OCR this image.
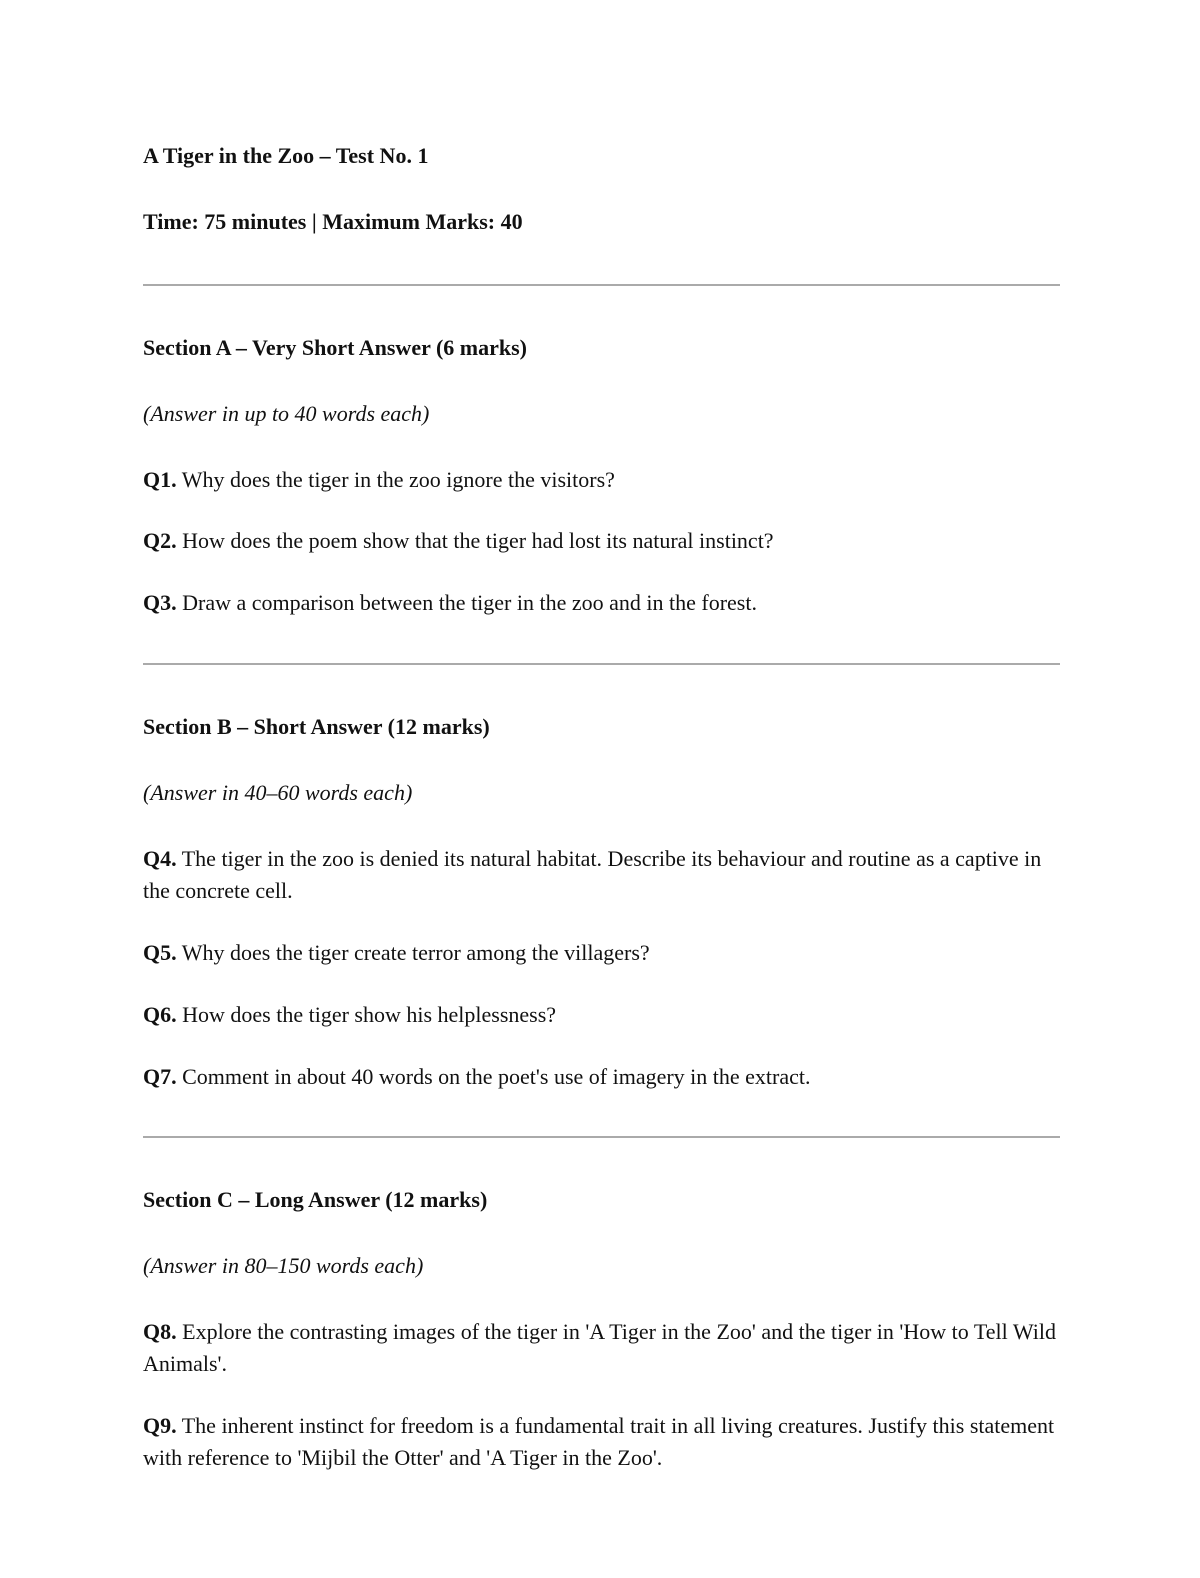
A Tiger in the Zoo – Test No. 1

Time: 75 minutes | Maximum Marks: 40

Section A – Very Short Answer (6 marks)

(Answer in up to 40 words each)

Q1. Why does the tiger in the zoo ignore the visitors?

Q2. How does the poem show that the tiger had lost its natural instinct?

Q3. Draw a comparison between the tiger in the zoo and in the forest.

Section B – Short Answer (12 marks)

(Answer in 40–60 words each)

Q4. The tiger in the zoo is denied its natural habitat. Describe its behaviour and routine as a captive in the concrete cell.

Q5. Why does the tiger create terror among the villagers?

Q6. How does the tiger show his helplessness?

Q7. Comment in about 40 words on the poet's use of imagery in the extract.

Section C – Long Answer (12 marks)

(Answer in 80–150 words each)

Q8. Explore the contrasting images of the tiger in 'A Tiger in the Zoo' and the tiger in 'How to Tell Wild Animals'.

Q9. The inherent instinct for freedom is a fundamental trait in all living creatures. Justify this statement with reference to 'Mijbil the Otter' and 'A Tiger in the Zoo'.
